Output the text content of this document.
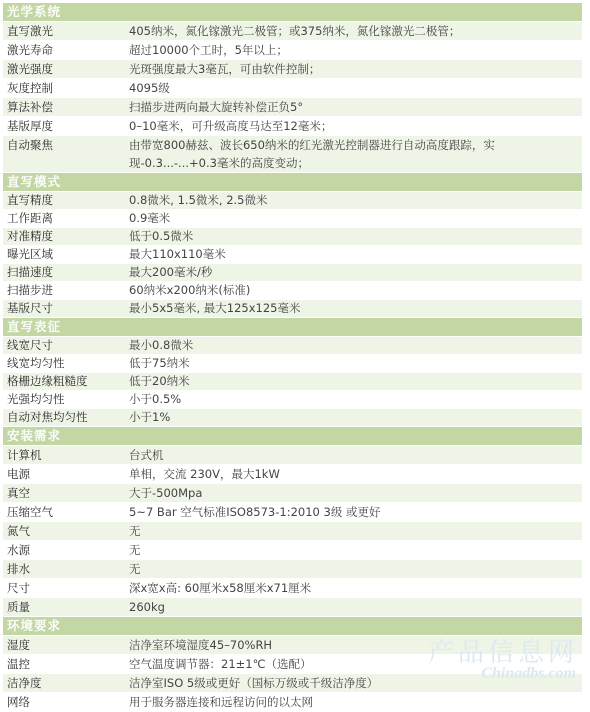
光学系统
直写激光	405纳米，氮化镓激光二极管；或375纳米，氮化镓激光二极管；
激光寿命	超过10000个工时，5年以上；
激光强度	光斑强度最大3毫瓦，可由软件控制；
灰度控制	4095级
算法补偿	扫描步进两向最大旋转补偿正负5°
基版厚度	0–10毫米，可升级高度马达至12毫米；
自动聚焦	由带宽800赫兹、波长650纳米的红光激光控制器进行自动高度跟踪，实现-0.3...-...+0.3毫米的高度变动；
直写模式
直写精度	0.8微米, 1.5微米, 2.5微米
工作距离	0.9毫米
对准精度	低于0.5微米
曝光区域	最大110x110毫米
扫描速度	最大200毫米/秒
扫描步进	60纳米x200纳米(标准)
基版尺寸	最小5x5毫米, 最大125x125毫米
直写表征
线宽尺寸	最小0.8微米
线宽均匀性	低于75纳米
格栅边缘粗糙度	低于20纳米
光强均匀性	小于0.5%
自动对焦均匀性	小于1%
安装需求
计算机	台式机
电源	单相，交流 230V，最大1kW
真空	大于-500Mpa
压缩空气	5~7 Bar 空气标准ISO8573-1:2010 3级 或更好
氮气	无
水源	无
排水	无
尺寸	深x宽x高: 60厘米x58厘米x71厘米
质量	260kg
环境要求
湿度	洁净室环境湿度45–70%RH
温控	空气温度调节器：21±1℃（选配）
洁净度	洁净室ISO 5级或更好（国标万级或千级洁净度）
网络	用于服务器连接和远程访问的以太网
产品信息网
Chinadbs.com
